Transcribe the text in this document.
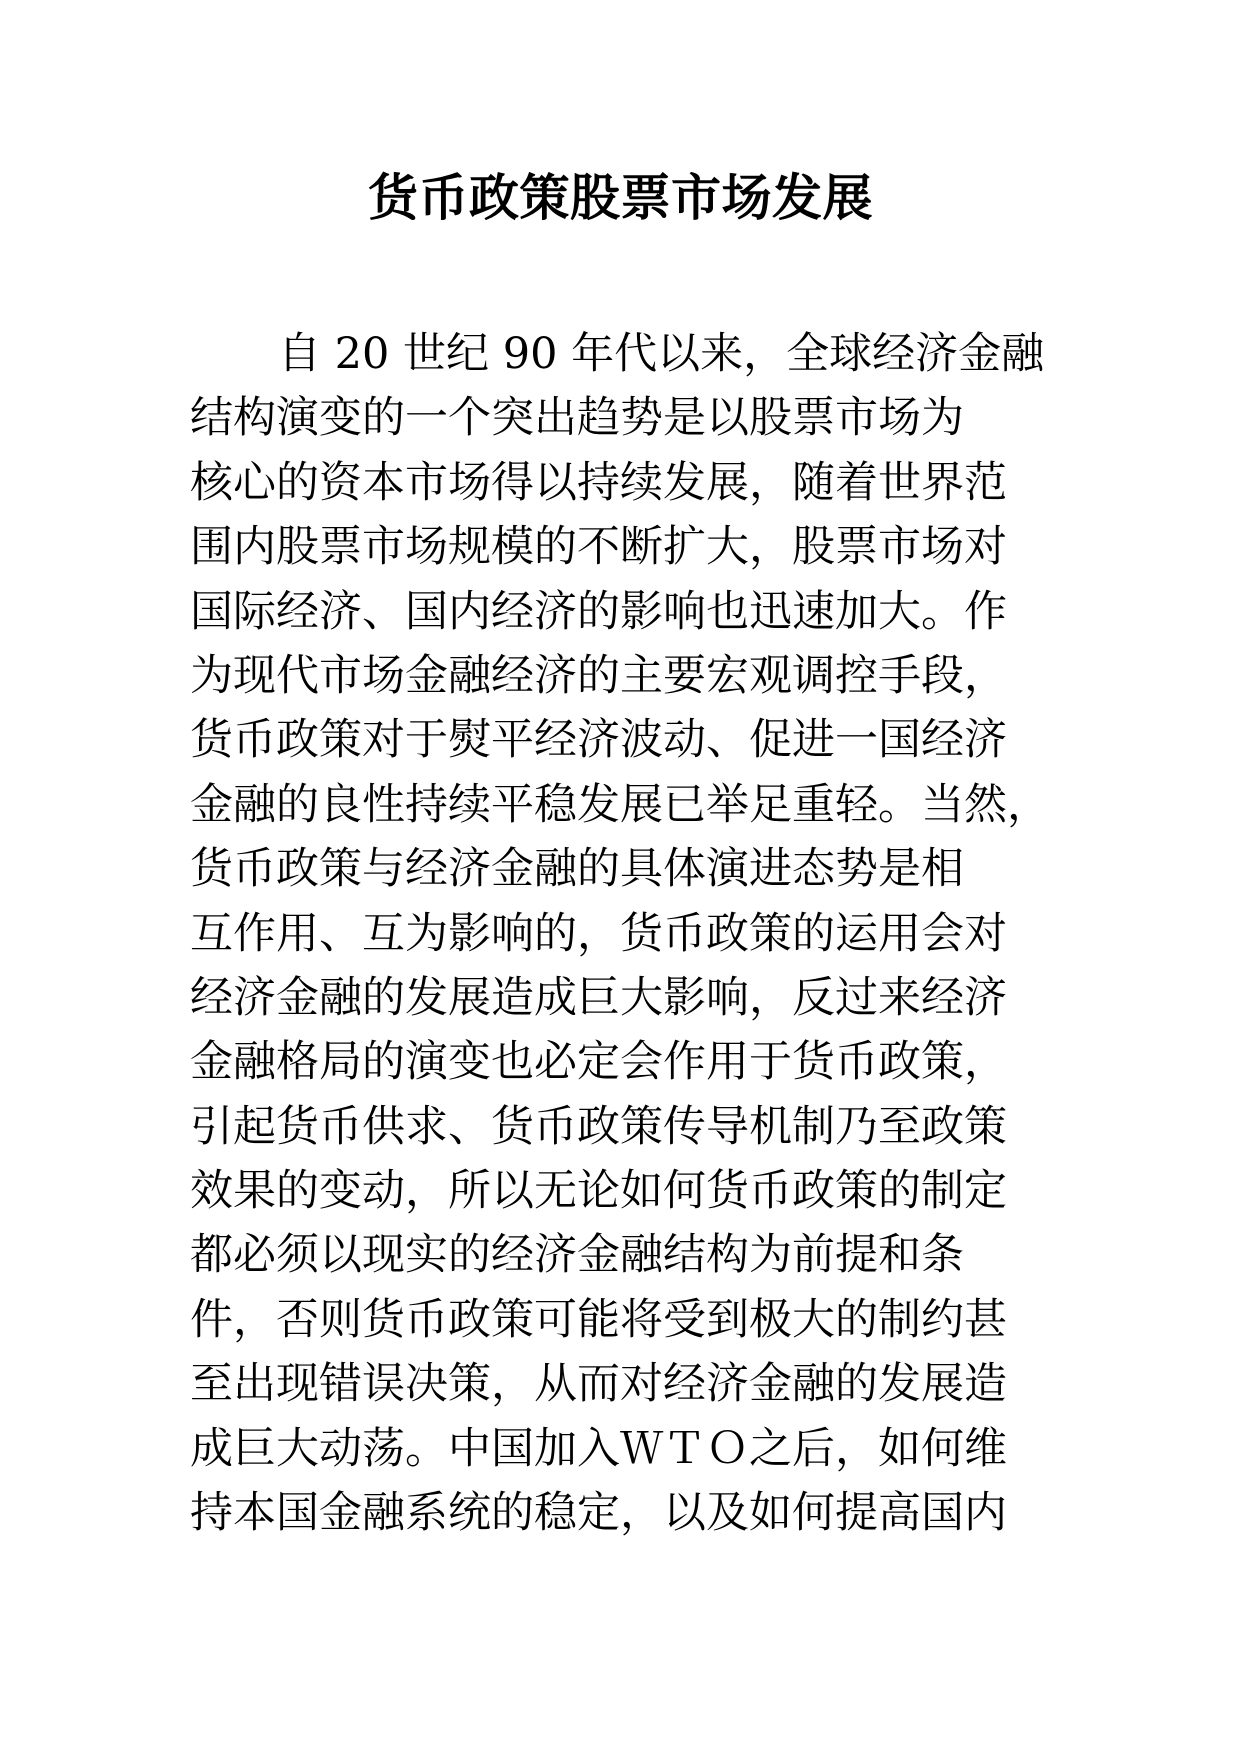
货币政策股票市场发展
自 20 世纪 90 年代以来，全球经济金融
结构演变的一个突出趋势是以股票市场为
核心的资本市场得以持续发展，随着世界范
围内股票市场规模的不断扩大，股票市场对
国际经济、国内经济的影响也迅速加大。作
为现代市场金融经济的主要宏观调控手段，
货币政策对于熨平经济波动、促进一国经济
金融的良性持续平稳发展已举足重轻。当然，
货币政策与经济金融的具体演进态势是相
互作用、互为影响的，货币政策的运用会对
经济金融的发展造成巨大影响，反过来经济
金融格局的演变也必定会作用于货币政策，
引起货币供求、货币政策传导机制乃至政策
效果的变动，所以无论如何货币政策的制定
都必须以现实的经济金融结构为前提和条
件，否则货币政策可能将受到极大的制约甚
至出现错误决策，从而对经济金融的发展造
成巨大动荡。中国加入ＷＴＯ之后，如何维
持本国金融系统的稳定，以及如何提高国内
